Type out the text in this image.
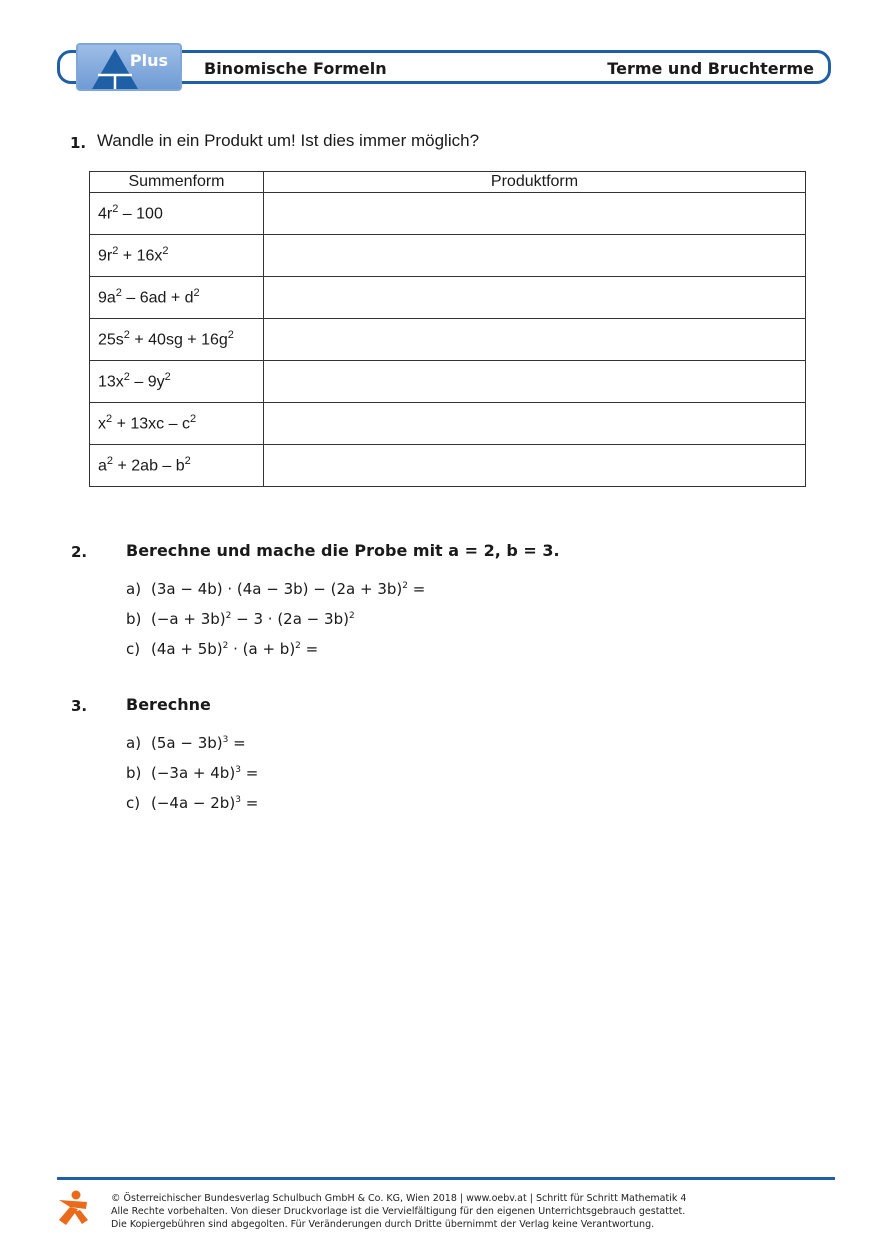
Plus Binomische Formeln	Terme und Bruchterme
1. Wandle in ein Produkt um! Ist dies immer möglich?
Summenform	Produktform
$4r^2 - 100$	
$9r^2 + 16x^2$	
$9a^2 - 6ad + d^2$	
$25s^2 + 40sg + 16g^2$	
$13x^2 - 9y^2$	
$x^2 + 13xc - c^2$	
$a^2 + 2ab - b^2$	
2. Berechne und mache die Probe mit a = 2, b = 3.
a) $(3a - 4b) \cdot (4a - 3b) - (2a + 3b)^2$ =
b) $(-a + 3b)^2 - 3 \cdot (2a - 3b)^2$
c) $(4a + 5b)^2 \cdot (a + b)^2$ =
3. Berechne
a) $(5a - 3b)^3$ =
b) $(-3a + 4b)^3$ =
c) $(-4a - 2b)^3$ =
© Österreichischer Bundesverlag Schulbuch GmbH & Co. KG, Wien 2018 | www.oebv.at | Schritt für Schritt Mathematik 4
Alle Rechte vorbehalten. Von dieser Druckvorlage ist die Vervielfältigung für den eigenen Unterrichtsgebrauch gestattet.
Die Kopiergebühren sind abgegolten. Für Veränderungen durch Dritte übernimmt der Verlag keine Verantwortung.
